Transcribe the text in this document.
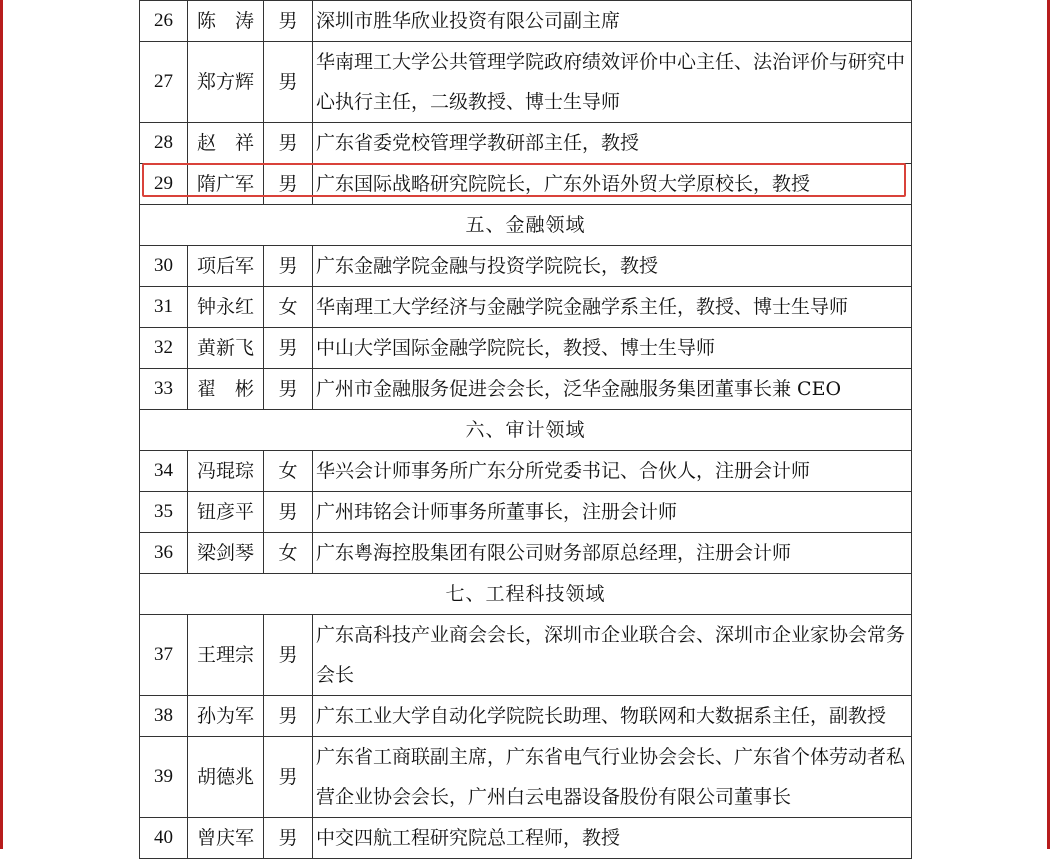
26	陈　涛	男	深圳市胜华欣业投资有限公司副主席
27	郑方辉	男	华南理工大学公共管理学院政府绩效评价中心主任、法治评价与研究中心执行主任，二级教授、博士生导师
28	赵　祥	男	广东省委党校管理学教研部主任，教授
29	隋广军	男	广东国际战略研究院院长，广东外语外贸大学原校长，教授
五、金融领域			
30	项后军	男	广东金融学院金融与投资学院院长，教授
31	钟永红	女	华南理工大学经济与金融学院金融学系主任，教授、博士生导师
32	黄新飞	男	中山大学国际金融学院院长，教授、博士生导师
33	翟　彬	男	广州市金融服务促进会会长，泛华金融服务集团董事长兼 CEO
六、审计领域			
34	冯琨琮	女	华兴会计师事务所广东分所党委书记、合伙人，注册会计师
35	钮彦平	男	广州玮铭会计师事务所董事长，注册会计师
36	梁剑琴	女	广东粤海控股集团有限公司财务部原总经理，注册会计师
七、工程科技领域			
37	王理宗	男	广东高科技产业商会会长，深圳市企业联合会、深圳市企业家协会常务会长
38	孙为军	男	广东工业大学自动化学院院长助理、物联网和大数据系主任，副教授
39	胡德兆	男	广东省工商联副主席，广东省电气行业协会会长、广东省个体劳动者私营企业协会会长，广州白云电器设备股份有限公司董事长
40	曾庆军	男	中交四航工程研究院总工程师，教授
